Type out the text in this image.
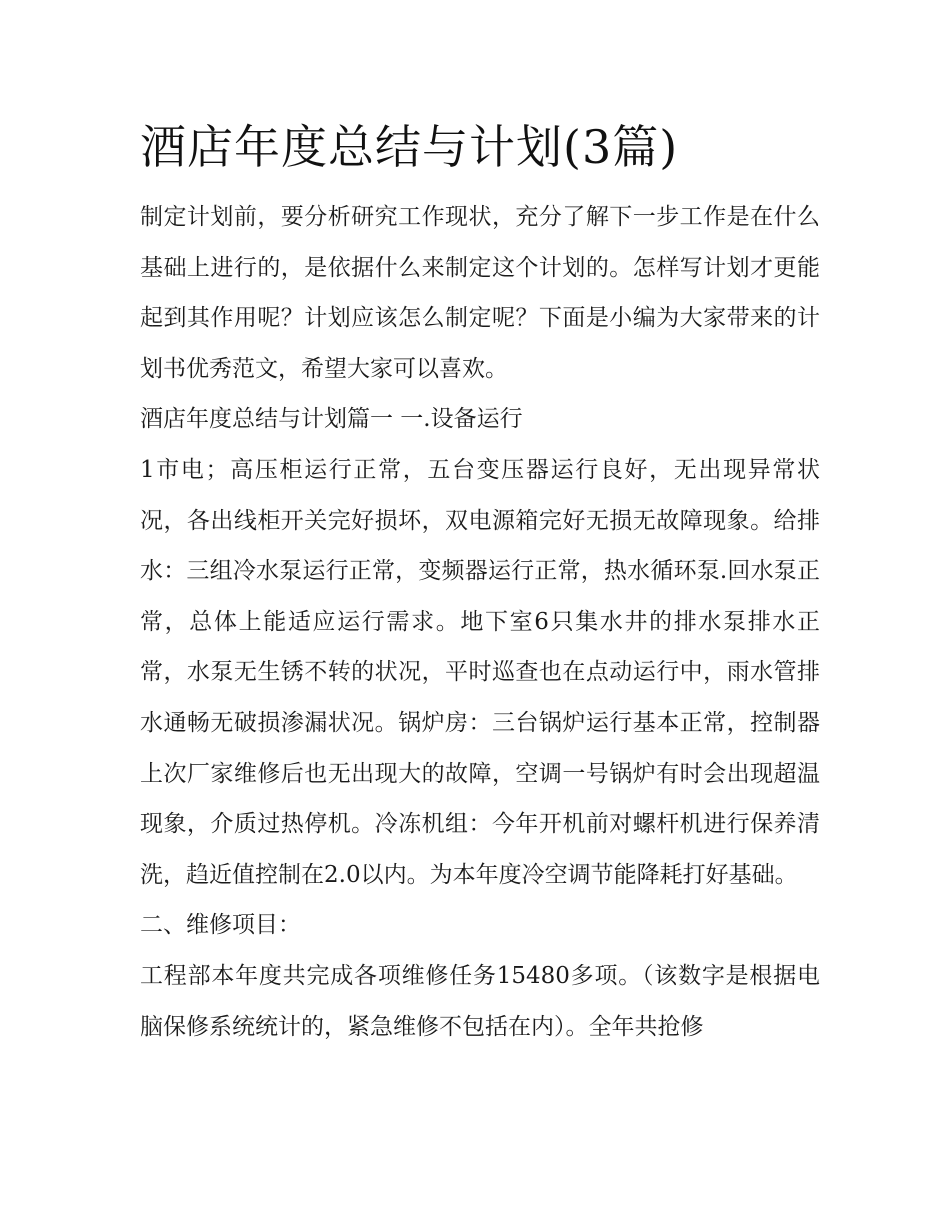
酒店年度总结与计划(3篇)

制定计划前，要分析研究工作现状，充分了解下一步工作是在什么基础上进行的，是依据什么来制定这个计划的。怎样写计划才更能起到其作用呢？计划应该怎么制定呢？下面是小编为大家带来的计划书优秀范文，希望大家可以喜欢。

酒店年度总结与计划篇一 一.设备运行

1市电；高压柜运行正常，五台变压器运行良好，无出现异常状况，各出线柜开关完好损坏，双电源箱完好无损无故障现象。给排水：三组冷水泵运行正常，变频器运行正常，热水循环泵.回水泵正常，总体上能适应运行需求。地下室6只集水井的排水泵排水正常，水泵无生锈不转的状况，平时巡查也在点动运行中，雨水管排水通畅无破损渗漏状况。锅炉房：三台锅炉运行基本正常，控制器上次厂家维修后也无出现大的故障，空调一号锅炉有时会出现超温现象，介质过热停机。冷冻机组：今年开机前对螺杆机进行保养清洗，趋近值控制在2.0以内。为本年度冷空调节能降耗打好基础。

二、维修项目：

工程部本年度共完成各项维修任务15480多项。（该数字是根据电脑保修系统统计的，紧急维修不包括在内）。全年共抢修
